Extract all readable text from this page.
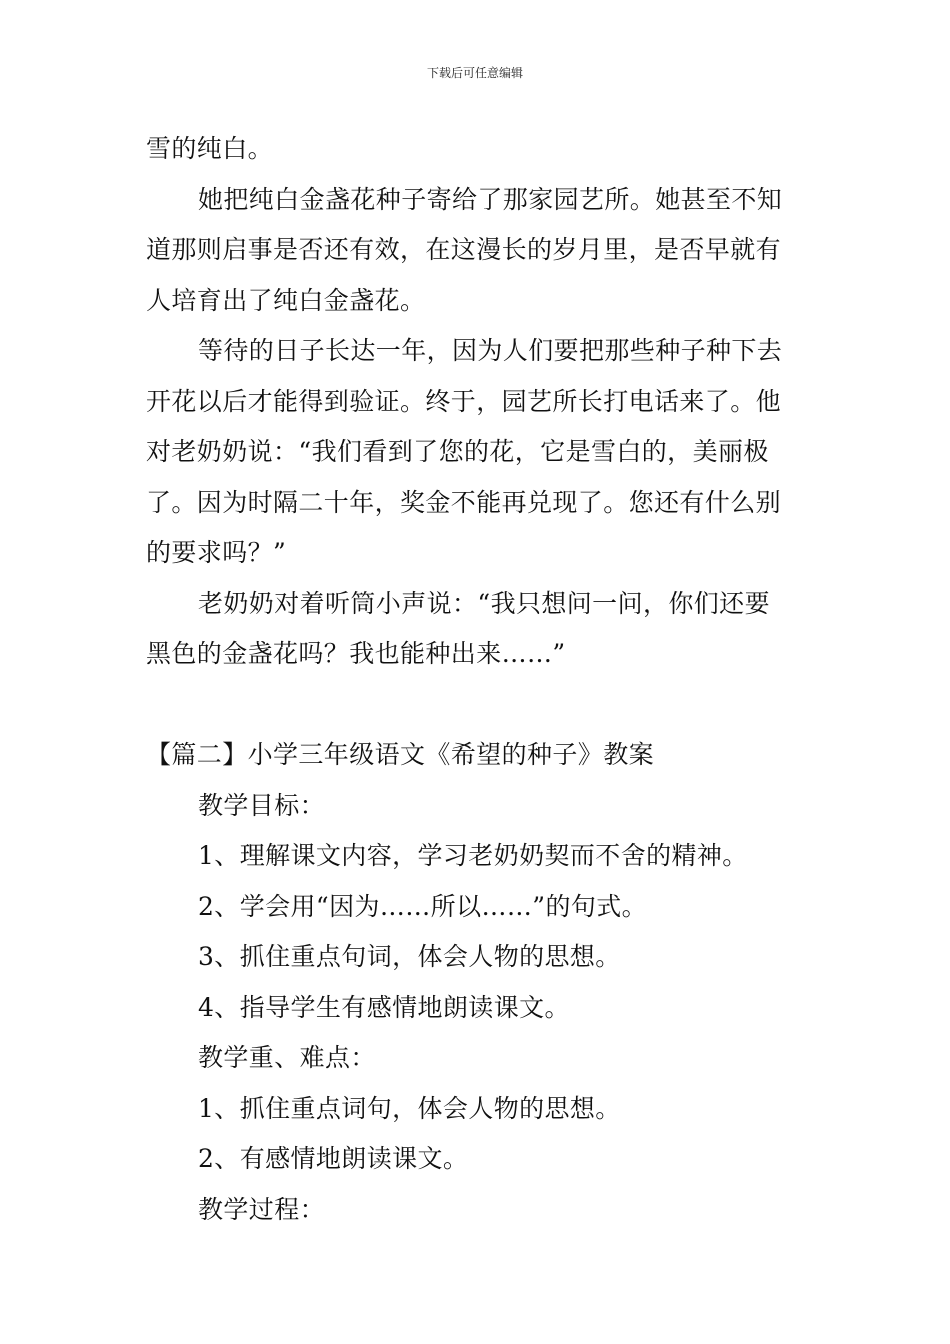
下载后可任意编辑
雪的纯白。
她把纯白金盏花种子寄给了那家园艺所。她甚至不知
道那则启事是否还有效，在这漫长的岁月里，是否早就有
人培育出了纯白金盏花。
等待的日子长达一年，因为人们要把那些种子种下去
开花以后才能得到验证。终于，园艺所长打电话来了。他
对老奶奶说：“我们看到了您的花，它是雪白的，美丽极
了。因为时隔二十年，奖金不能再兑现了。您还有什么别
的要求吗？”
老奶奶对着听筒小声说：“我只想问一问，你们还要
黑色的金盏花吗？我也能种出来……”
【篇二】小学三年级语文《希望的种子》教案
教学目标：
1、理解课文内容，学习老奶奶契而不舍的精神。
2、学会用“因为……所以……”的句式。
3、抓住重点句词，体会人物的思想。
4、指导学生有感情地朗读课文。
教学重、难点：
1、抓住重点词句，体会人物的思想。
2、有感情地朗读课文。
教学过程：
